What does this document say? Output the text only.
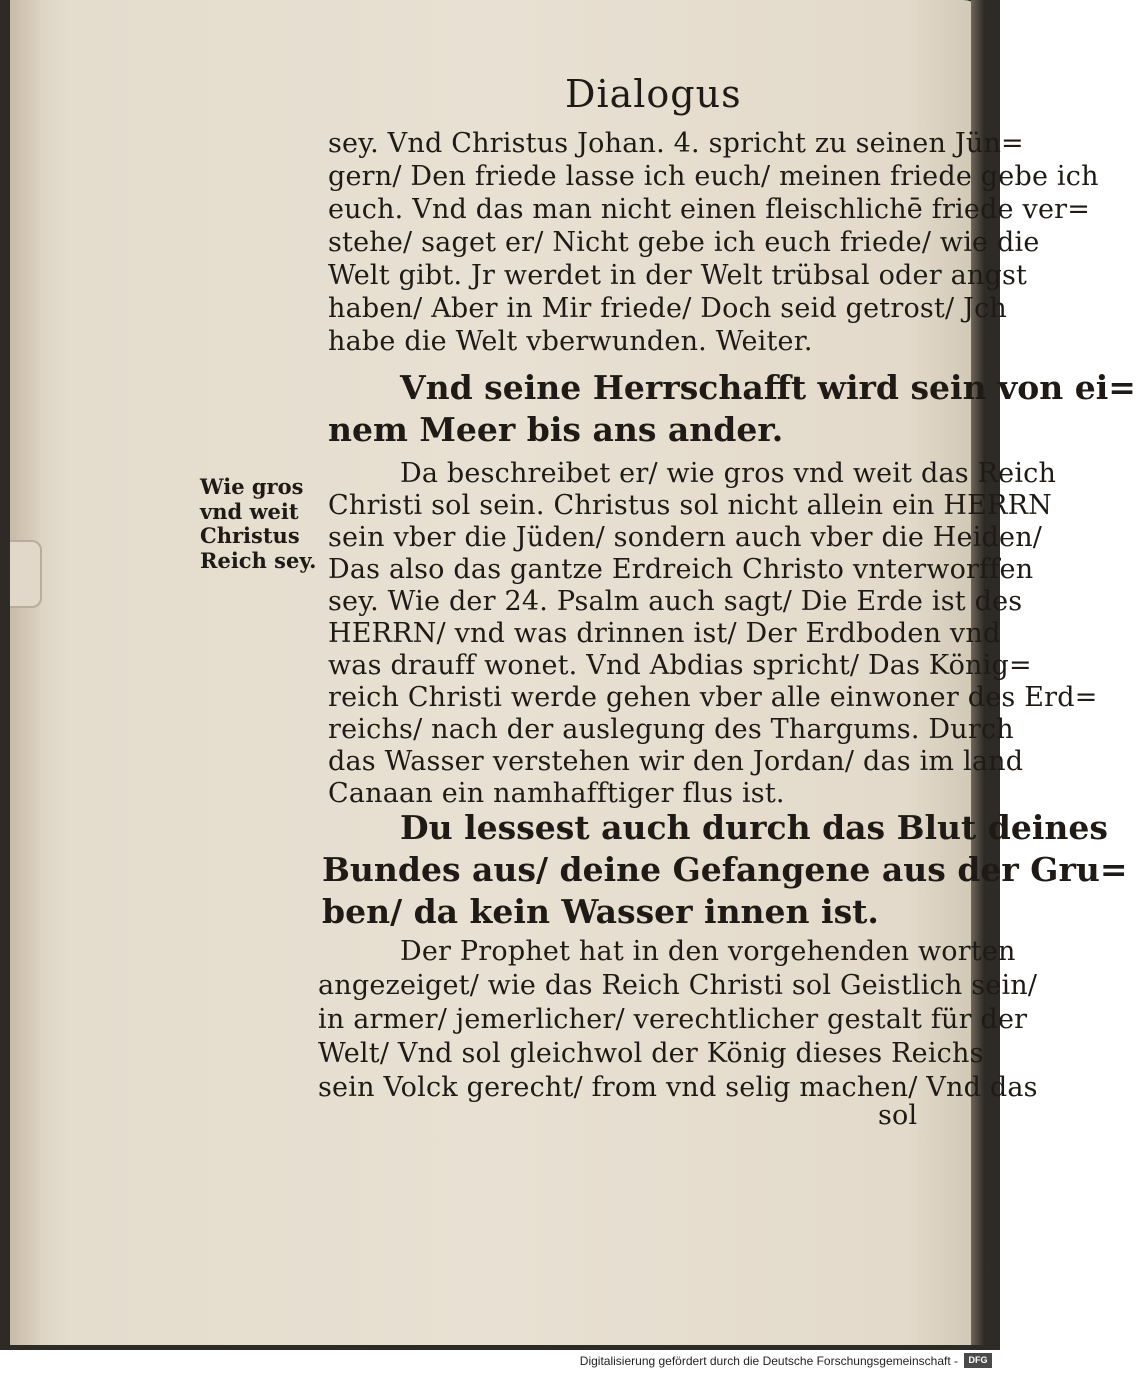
Dialogus
sey. Vnd Christus Johan. 4. spricht zu seinen Jün=
gern/ Den friede lasse ich euch/ meinen friede gebe ich
euch. Vnd das man nicht einen fleischlichē friede ver=
stehe/ saget er/ Nicht gebe ich euch friede/ wie die
Welt gibt. Jr werdet in der Welt trübsal oder angst
haben/ Aber in Mir friede/ Doch seid getrost/ Jch
habe die Welt vberwunden. Weiter.
Vnd seine Herrschafft wird sein von ei=
nem Meer bis ans ander.
Wie gros
vnd weit
Christus
Reich sey.
Da beschreibet er/ wie gros vnd weit das Reich
Christi sol sein. Christus sol nicht allein ein HERRN
sein vber die Jüden/ sondern auch vber die Heiden/
Das also das gantze Erdreich Christo vnterworffen
sey. Wie der 24. Psalm auch sagt/ Die Erde ist des
HERRN/ vnd was drinnen ist/ Der Erdboden vnd
was drauff wonet. Vnd Abdias spricht/ Das König=
reich Christi werde gehen vber alle einwoner des Erd=
reichs/ nach der auslegung des Thargums. Durch
das Wasser verstehen wir den Jordan/ das im land
Canaan ein namhafftiger flus ist.
Du lessest auch durch das Blut deines
Bundes aus/ deine Gefangene aus der Gru=
ben/ da kein Wasser innen ist.
Der Prophet hat in den vorgehenden worten
angezeiget/ wie das Reich Christi sol Geistlich sein/
in armer/ jemerlicher/ verechtlicher gestalt für der
Welt/ Vnd sol gleichwol der König dieses Reichs
sein Volck gerecht/ from vnd selig machen/ Vnd das
sol
Digitalisierung gefördert durch die Deutsche Forschungsgemeinschaft -	DFG
